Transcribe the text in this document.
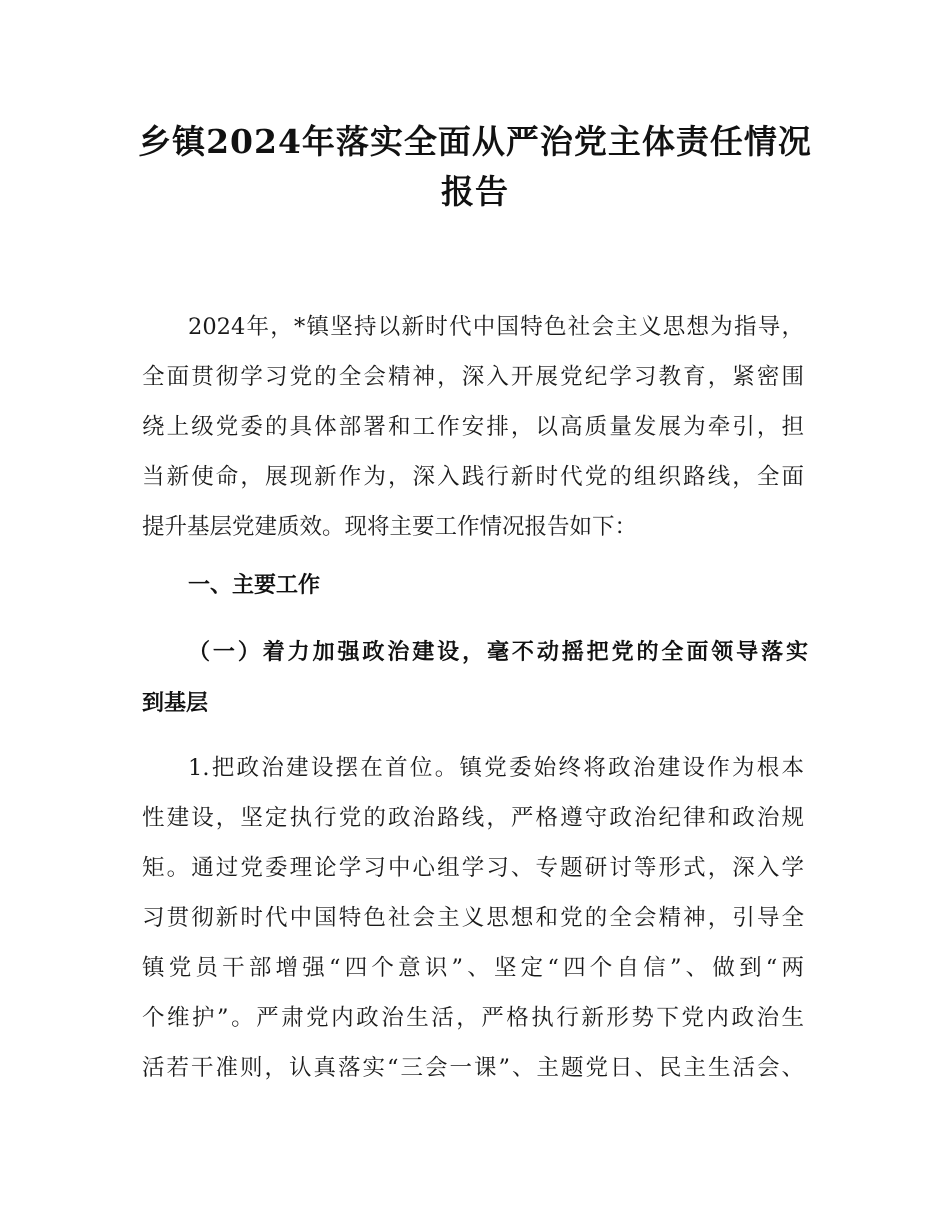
乡镇2024年落实全面从严治党主体责任情况
报告
2024年，*镇坚持以新时代中国特色社会主义思想为指导，
全面贯彻学习党的全会精神，深入开展党纪学习教育，紧密围
绕上级党委的具体部署和工作安排，以高质量发展为牵引，担
当新使命，展现新作为，深入践行新时代党的组织路线，全面
提升基层党建质效。现将主要工作情况报告如下：
一、主要工作
（一）着力加强政治建设，毫不动摇把党的全面领导落实
到基层
1.把政治建设摆在首位。镇党委始终将政治建设作为根本
性建设，坚定执行党的政治路线，严格遵守政治纪律和政治规
矩。通过党委理论学习中心组学习、专题研讨等形式，深入学
习贯彻新时代中国特色社会主义思想和党的全会精神，引导全
镇党员干部增强“四个意识”、坚定“四个自信”、做到“两
个维护”。严肃党内政治生活，严格执行新形势下党内政治生
活若干准则，认真落实“三会一课”、主题党日、民主生活会、
